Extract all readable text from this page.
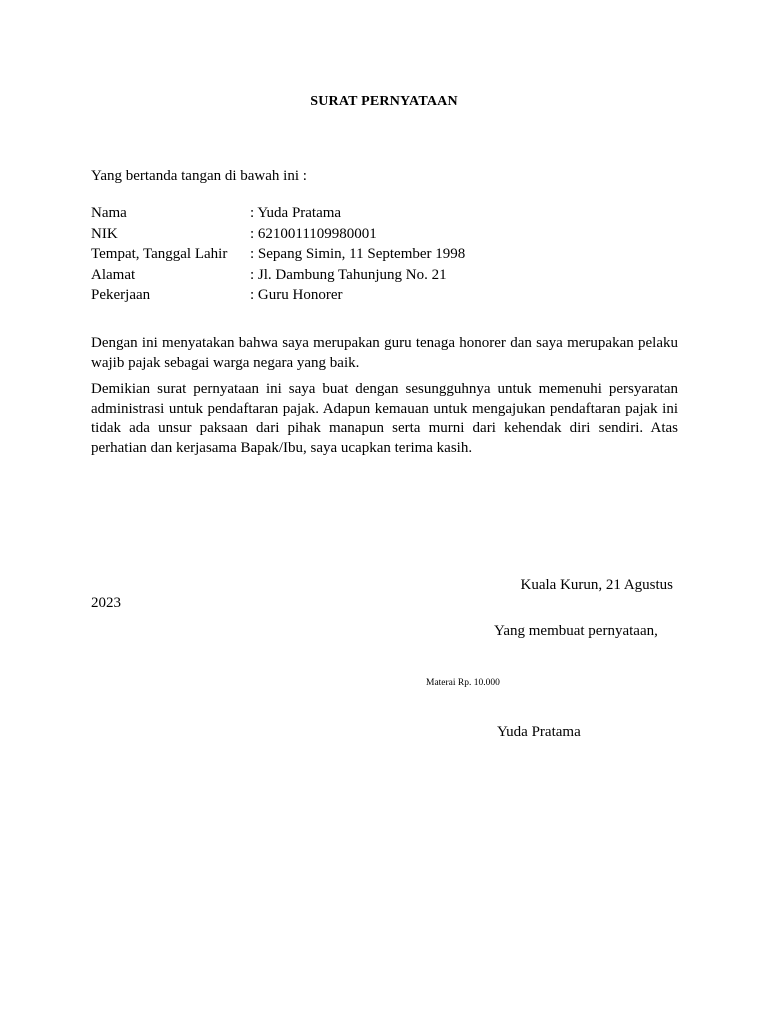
SURAT PERNYATAAN
Yang bertanda tangan di bawah ini :
Nama	: Yuda Pratama
NIK	: 6210011109980001
Tempat, Tanggal Lahir : Sepang Simin, 11 September 1998
Alamat	: Jl. Dambung Tahunjung No. 21
Pekerjaan	: Guru Honorer
Dengan ini menyatakan bahwa saya merupakan guru tenaga honorer dan saya merupakan pelaku wajib pajak sebagai warga negara yang baik.
Demikian surat pernyataan ini saya buat dengan sesungguhnya untuk memenuhi persyaratan administrasi untuk pendaftaran pajak. Adapun kemauan untuk mengajukan pendaftaran pajak ini tidak ada unsur paksaan dari pihak manapun serta murni dari kehendak diri sendiri. Atas perhatian dan kerjasama Bapak/Ibu, saya ucapkan terima kasih.
Kuala Kurun, 21 Agustus
2023
Yang membuat pernyataan,
Materai Rp. 10.000
Yuda Pratama
